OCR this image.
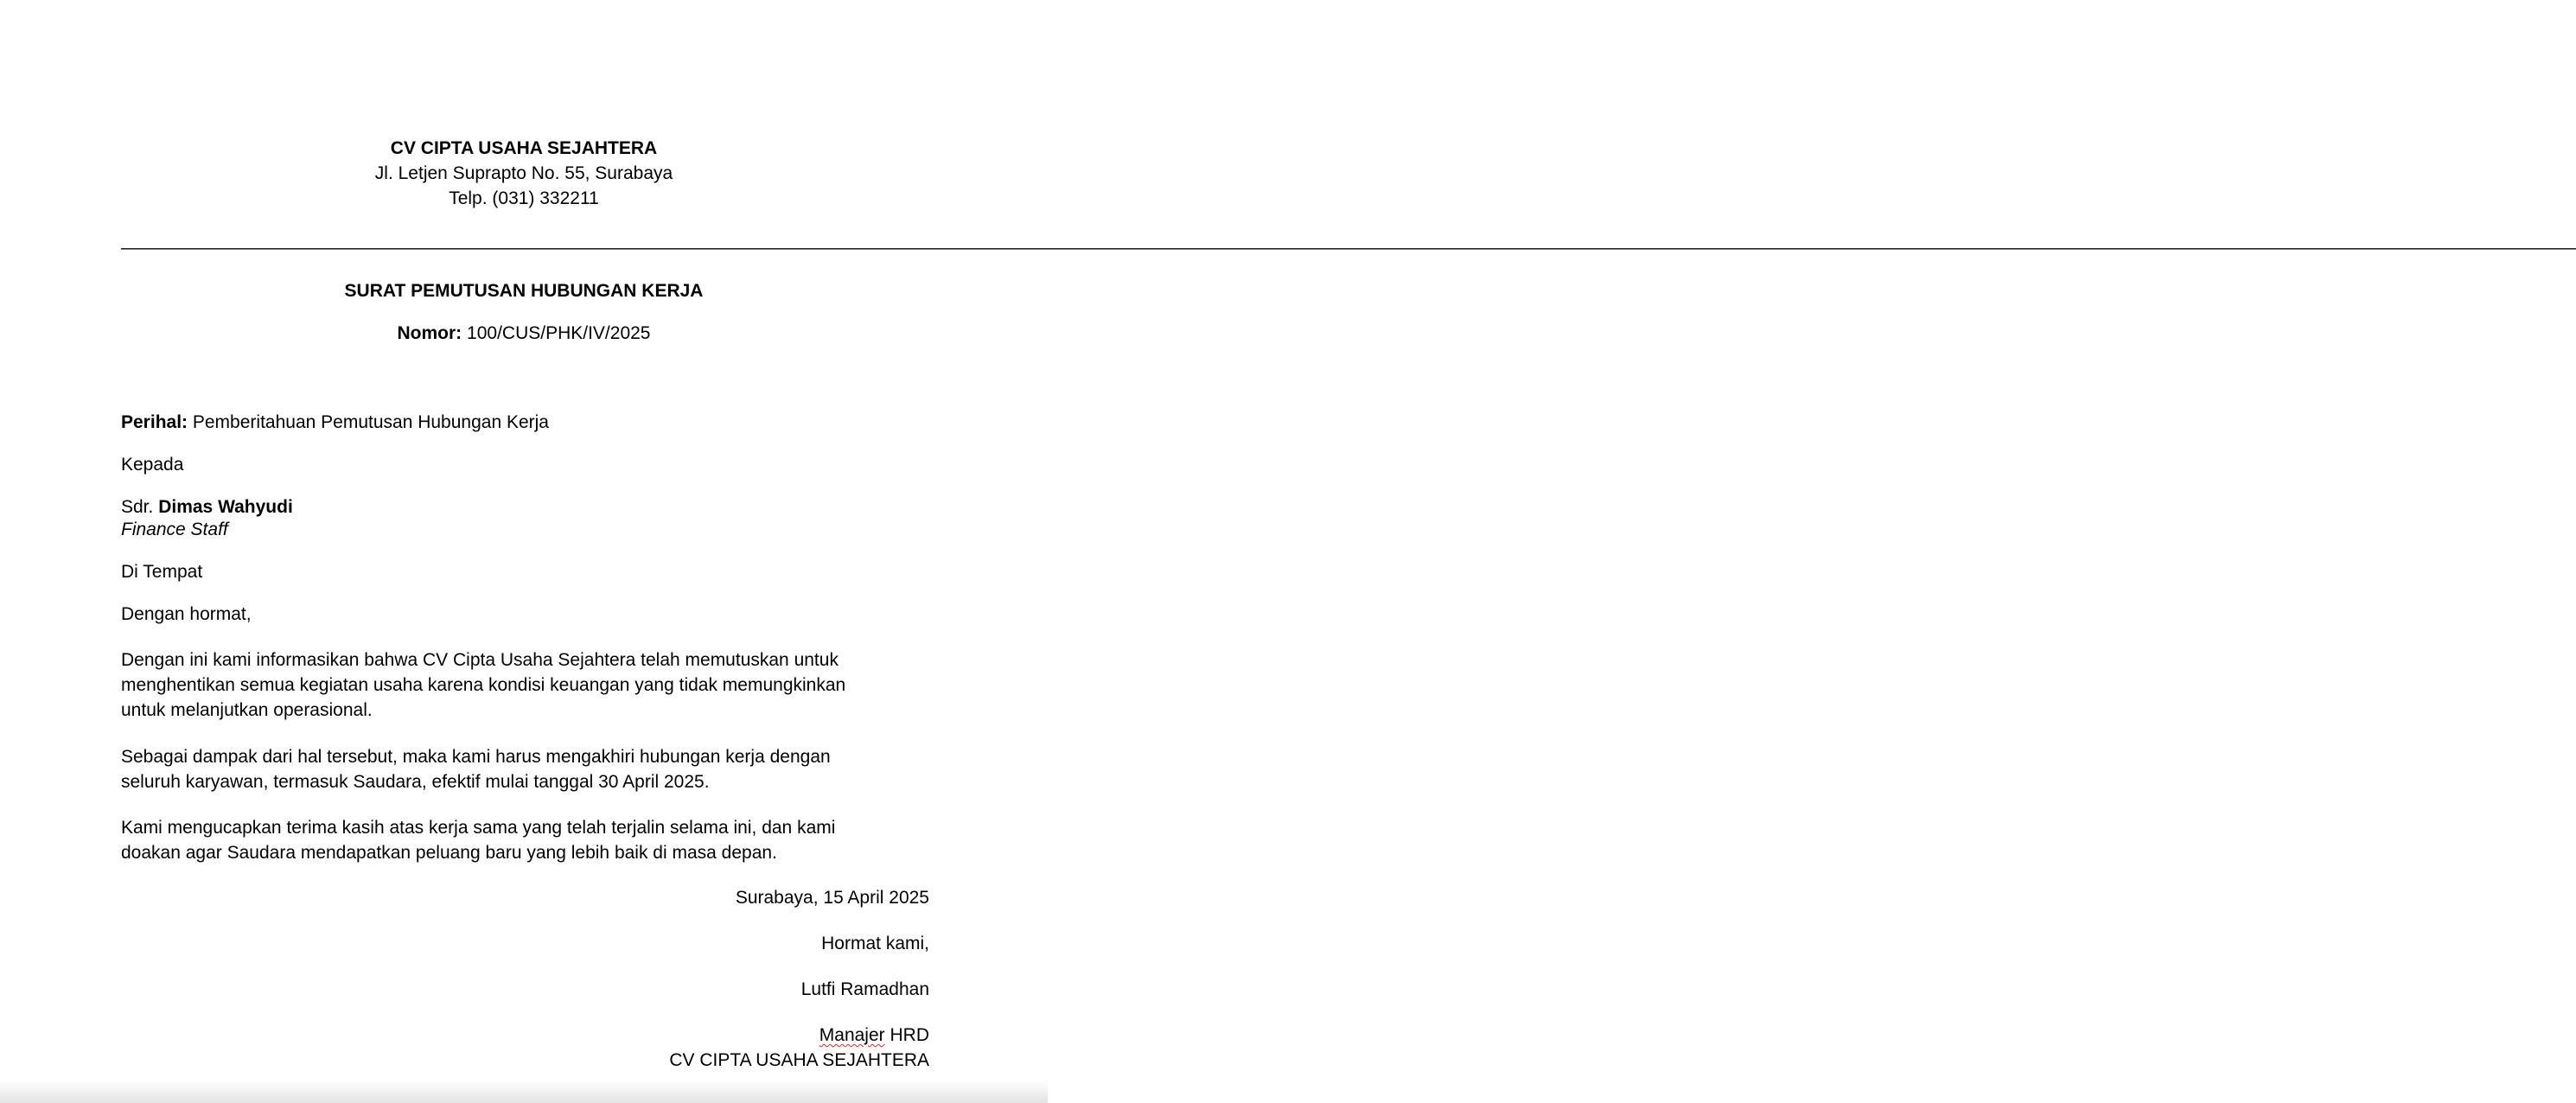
CV CIPTA USAHA SEJAHTERA
Jl. Letjen Suprapto No. 55, Surabaya
Telp. (031) 332211
——————————————————————————————————————————————————————————————————————————————————————————————————————————————————————————————————————————————
SURAT PEMUTUSAN HUBUNGAN KERJA
Nomor: 100/CUS/PHK/IV/2025
Perihal: Pemberitahuan Pemutusan Hubungan Kerja
Kepada
Sdr. Dimas Wahyudi
Finance Staff
Di Tempat
Dengan hormat,
Dengan ini kami informasikan bahwa CV Cipta Usaha Sejahtera telah memutuskan untuk
menghentikan semua kegiatan usaha karena kondisi keuangan yang tidak memungkinkan
untuk melanjutkan operasional.
Sebagai dampak dari hal tersebut, maka kami harus mengakhiri hubungan kerja dengan
seluruh karyawan, termasuk Saudara, efektif mulai tanggal 30 April 2025.
Kami mengucapkan terima kasih atas kerja sama yang telah terjalin selama ini, dan kami
doakan agar Saudara mendapatkan peluang baru yang lebih baik di masa depan.
Surabaya, 15 April 2025
Hormat kami,
Lutfi Ramadhan
Manajer HRD
CV CIPTA USAHA SEJAHTERA
